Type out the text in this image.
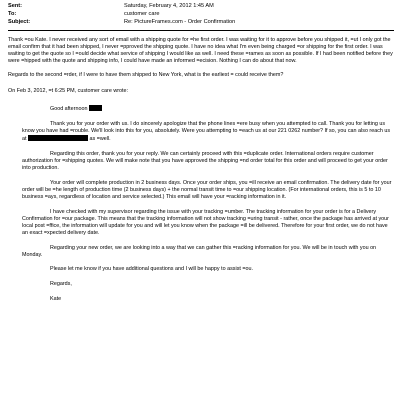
Sent:	Saturday, February 4, 2012 1:45 AM
To:	customer care
Subject:	Re: PictureFrames.com - Order Confirmation

Thank =ou Kate. I never received any sort of email with a shipping quote for =he first order. I was waiting for it to approve before you shipped it, =ut I only got the email confirm that it had been shipped, I never =pproved the shipping quote. I have no idea what I'm even being charged =or shipping for the first order. I was waiting to get the quote so I =ould decide what service of shipping I would like as well. I need these =rames as soon as possible. If I had been notified before they were =hipped with the quote and shipping info, I could have made an informed =ecision. Nothing I can do about that now.

Regards to the second =rder, if I were to have them shipped to New York, what is the earliest = could receive them?

On Feb 3, 2012, =t 6:25 PM, customer care wrote:

Good afternoon

Thank you for your order with us. I do sincerely apologize that the phone lines =ere busy when you attempted to call. Thank you for letting us know you have had =rouble. We'll look into this for you, absolutely. Were you attempting to =each us at our 221 0262 number? If so, you can also reach us at	as =well.

Regarding this order, thank you for your reply. We can certainly proceed with this =duplicate order. International orders require customer authorization for =shipping quotes. We will make note that you have approved the shipping =nd order total for this order and will proceed to get your order into production.

Your order will complete production in 2 business days. Once your order ships, you =ill receive an email confirmation. The delivery date for your order will be =he length of production time (2 business days) + the normal transit time to =our shipping location. (For international orders, this is 5 to 10 business =ays, regardless of location and service selected.) This email will have your =racking information in it.

I have checked with my supervisor regarding the issue with your tracking =umber. The tracking information for your order is for a Delivery Confirmation for =our package. This means that the tracking information will not show tracking =uring transit - rather, once the package has arrived at your local post =ffice, the information will update for you and will let you know when the package =ill be delivered. Therefore for your first order, we do not have an exact =xpected delivery date.

Regarding your new order, we are looking into a way that we can gather this =racking information for you. We will be in touch with you on Monday.

Please let me know if you have additional questions and I will be happy to assist =ou.

Regards,

Kate
